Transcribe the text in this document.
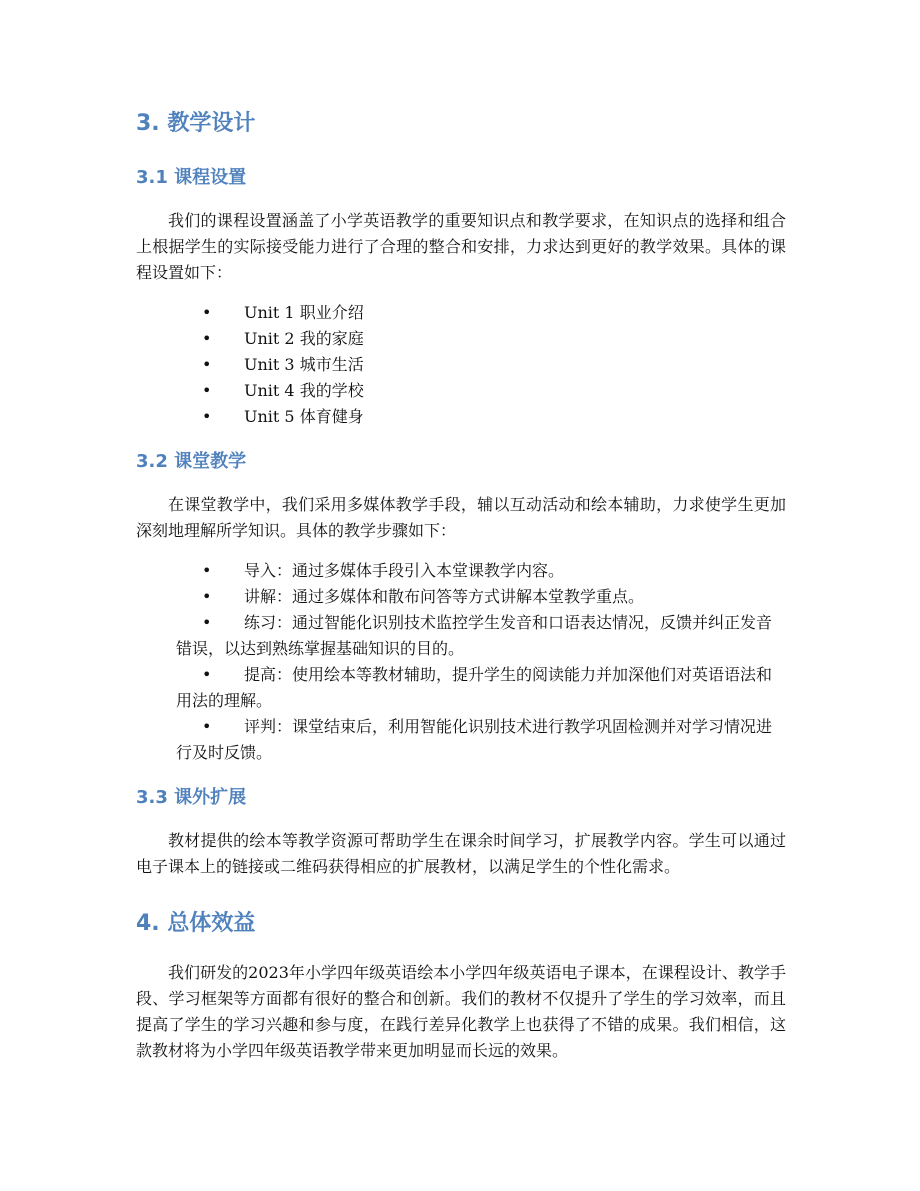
3. 教学设计
3.1 课程设置

我们的课程设置涵盖了小学英语教学的重要知识点和教学要求，在知识点的选择和组合上根据学生的实际接受能力进行了合理的整合和安排，力求达到更好的教学效果。具体的课程设置如下：

• Unit 1 职业介绍
• Unit 2 我的家庭
• Unit 3 城市生活
• Unit 4 我的学校
• Unit 5 体育健身
3.2 课堂教学

在课堂教学中，我们采用多媒体教学手段，辅以互动活动和绘本辅助，力求使学生更加深刻地理解所学知识。具体的教学步骤如下：

• 导入：通过多媒体手段引入本堂课教学内容。
• 讲解：通过多媒体和散布问答等方式讲解本堂教学重点。
• 练习：通过智能化识别技术监控学生发音和口语表达情况，反馈并纠正发音错误，以达到熟练掌握基础知识的目的。
• 提高：使用绘本等教材辅助，提升学生的阅读能力并加深他们对英语语法和用法的理解。
• 评判：课堂结束后，利用智能化识别技术进行教学巩固检测并对学习情况进行及时反馈。
3.3 课外扩展

教材提供的绘本等教学资源可帮助学生在课余时间学习，扩展教学内容。学生可以通过电子课本上的链接或二维码获得相应的扩展教材，以满足学生的个性化需求。

4. 总体效益

我们研发的2023年小学四年级英语绘本小学四年级英语电子课本，在课程设计、教学手段、学习框架等方面都有很好的整合和创新。我们的教材不仅提升了学生的学习效率，而且提高了学生的学习兴趣和参与度，在践行差异化教学上也获得了不错的成果。我们相信，这款教材将为小学四年级英语教学带来更加明显而长远的效果。
